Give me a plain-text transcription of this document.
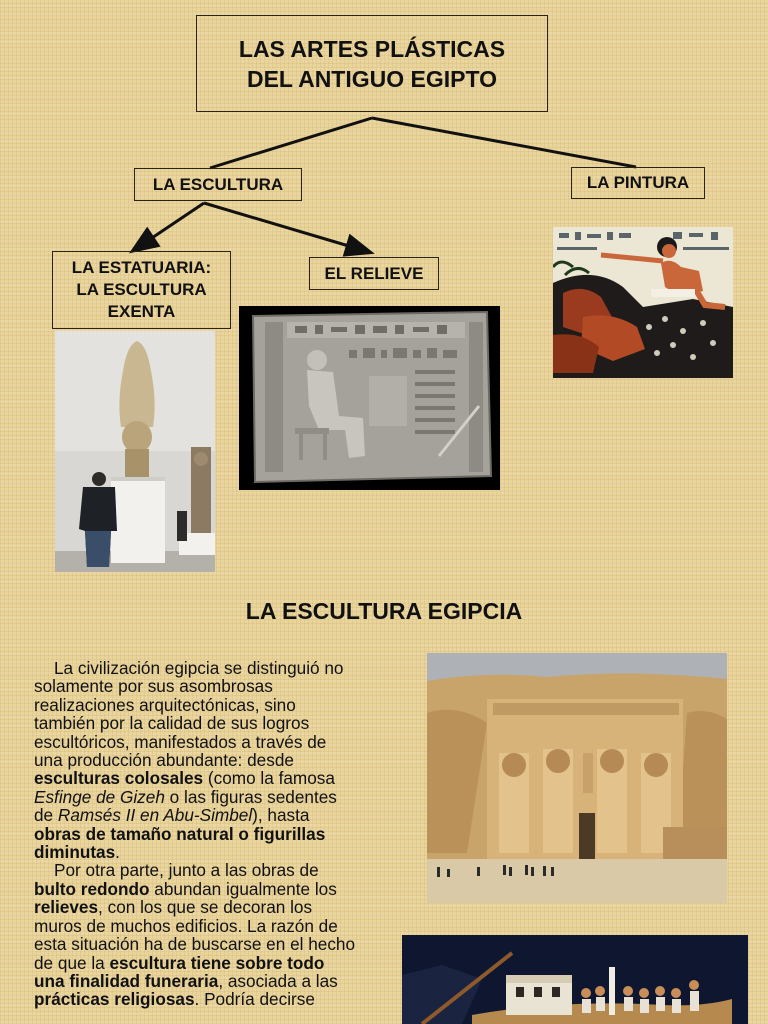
LAS ARTES PLÁSTICAS
DEL ANTIGUO EGIPTO
LA ESCULTURA	LA PINTURA
LA ESTATUARIA:
LA ESCULTURA
EXENTA
EL RELIEVE
LA ESCULTURA EGIPCIA

La civilización egipcia se distinguió no solamente por sus asombrosas realizaciones arquitectónicas, sino también por la calidad de sus logros escultóricos, manifestados a través de una producción abundante: desde esculturas colosales (como la famosa Esfinge de Gizeh o las figuras sedentes de Ramsés II en Abu-Simbel), hasta obras de tamaño natural o figurillas diminutas.

Por otra parte, junto a las obras de bulto redondo abundan igualmente los relieves, con los que se decoran los muros de muchos edificios. La razón de esta situación ha de buscarse en el hecho de que la escultura tiene sobre todo una finalidad funeraria, asociada a las prácticas religiosas. Podría decirse
